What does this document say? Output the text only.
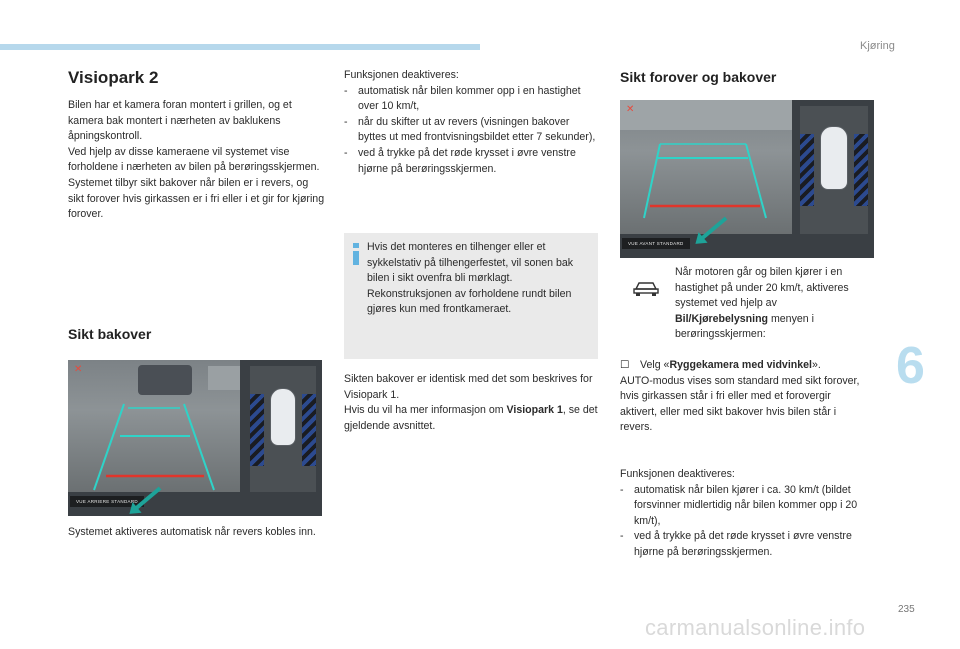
Kjøring
6
235
carmanualsonline.info
Visiopark 2

Bilen har et kamera foran montert i grillen, og et kamera bak montert i nærheten av baklukens åpningskontroll.

Ved hjelp av disse kameraene vil systemet vise forholdene i nærheten av bilen på berøringsskjermen. Systemet tilbyr sikt bakover når bilen er i revers, og sikt forover hvis girkassen er i fri eller i et gir for kjøring forover.

Sikt bakover
✕
VUE ARRIERE STANDARD
Systemet aktiveres automatisk når revers kobles inn.

Funksjonen deaktiveres:

- automatisk når bilen kommer opp i en hastighet over 10 km/t,
- når du skifter ut av revers (visningen bakover byttes ut med frontvisningsbildet etter 7 sekunder),
- ved å trykke på det røde krysset i øvre venstre hjørne på berøringsskjermen.
Hvis det monteres en tilhenger eller et sykkelstativ på tilhengerfestet, vil sonen bak bilen i sikt ovenfra bli mørklagt. Rekonstruksjonen av forholdene rundt bilen gjøres kun med frontkameraet.

Sikten bakover er identisk med det som beskrives for Visiopark 1.

Hvis du vil ha mer informasjon om Visiopark 1, se det gjeldende avsnittet.

Sikt forover og bakover
✕
VUE AVANT STANDARD
Når motoren går og bilen kjører i en hastighet på under 20 km/t, aktiveres systemet ved hjelp av Bil/Kjørebelysning menyen i berøringsskjermen:

☐ Velg «Ryggekamera med vidvinkel».

AUTO-modus vises som standard med sikt forover, hvis girkassen står i fri eller med et forovergir aktivert, eller med sikt bakover hvis bilen står i revers.

Funksjonen deaktiveres:

- automatisk når bilen kjører i ca. 30 km/t (bildet forsvinner midlertidig når bilen kommer opp i 20 km/t),
- ved å trykke på det røde krysset i øvre venstre hjørne på berøringsskjermen.
